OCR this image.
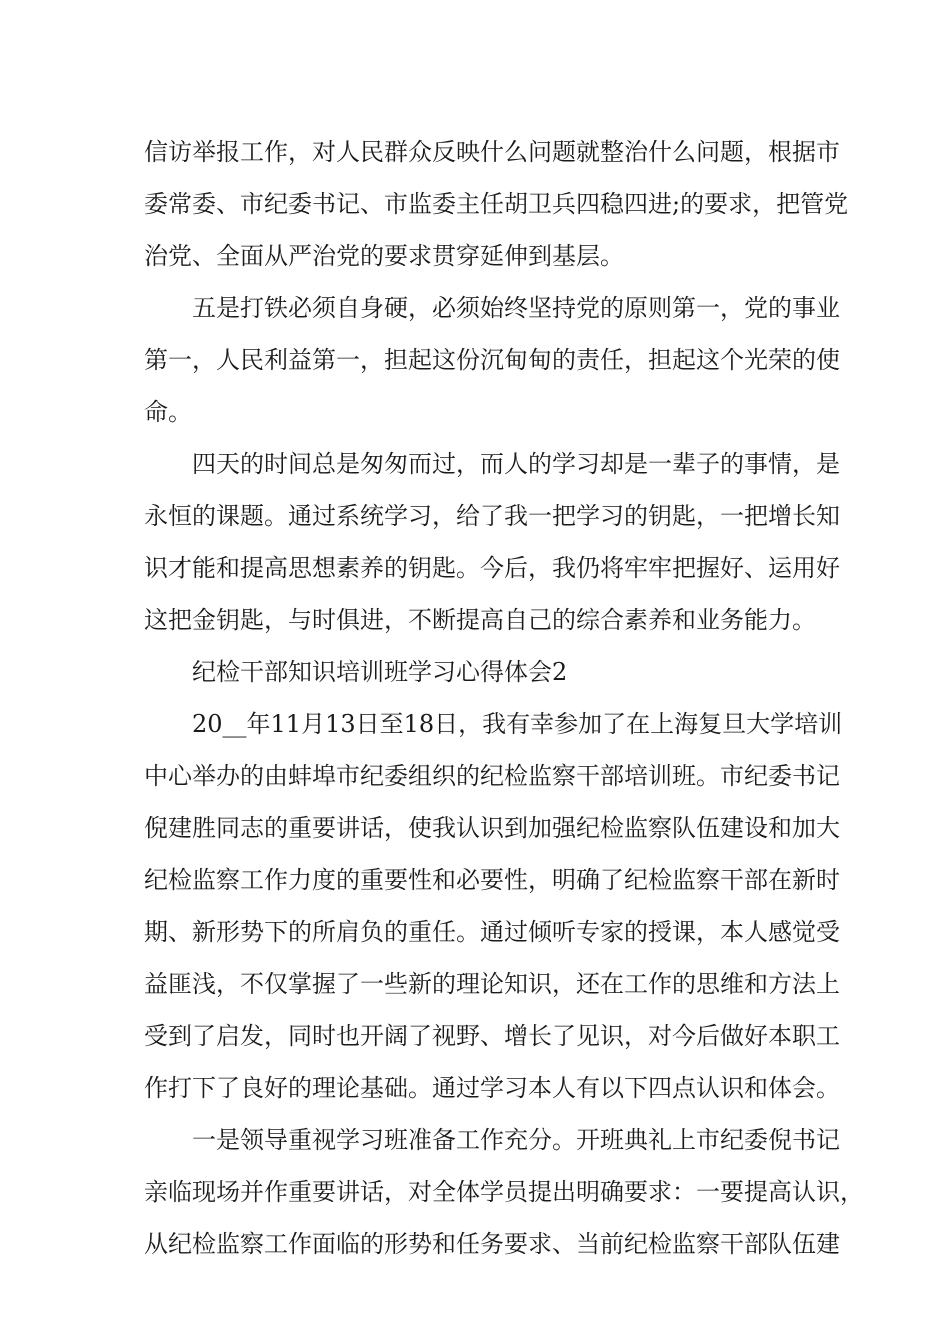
信访举报工作，对人民群众反映什么问题就整治什么问题，根据市
委常委、市纪委书记、市监委主任胡卫兵四稳四进;的要求，把管党
治党、全面从严治党的要求贯穿延伸到基层。
五是打铁必须自身硬，必须始终坚持党的原则第一，党的事业
第一，人民利益第一，担起这份沉甸甸的责任，担起这个光荣的使
命。
四天的时间总是匆匆而过，而人的学习却是一辈子的事情，是
永恒的课题。通过系统学习，给了我一把学习的钥匙，一把增长知
识才能和提高思想素养的钥匙。今后，我仍将牢牢把握好、运用好
这把金钥匙，与时俱进，不断提高自己的综合素养和业务能力。
纪检干部知识培训班学习心得体会2
20__年11月13日至18日，我有幸参加了在上海复旦大学培训
中心举办的由蚌埠市纪委组织的纪检监察干部培训班。市纪委书记
倪建胜同志的重要讲话，使我认识到加强纪检监察队伍建设和加大
纪检监察工作力度的重要性和必要性，明确了纪检监察干部在新时
期、新形势下的所肩负的重任。通过倾听专家的授课，本人感觉受
益匪浅，不仅掌握了一些新的理论知识，还在工作的思维和方法上
受到了启发，同时也开阔了视野、增长了见识，对今后做好本职工
作打下了良好的理论基础。通过学习本人有以下四点认识和体会。
一是领导重视学习班准备工作充分。开班典礼上市纪委倪书记
亲临现场并作重要讲话，对全体学员提出明确要求：一要提高认识，
从纪检监察工作面临的形势和任务要求、当前纪检监察干部队伍建
